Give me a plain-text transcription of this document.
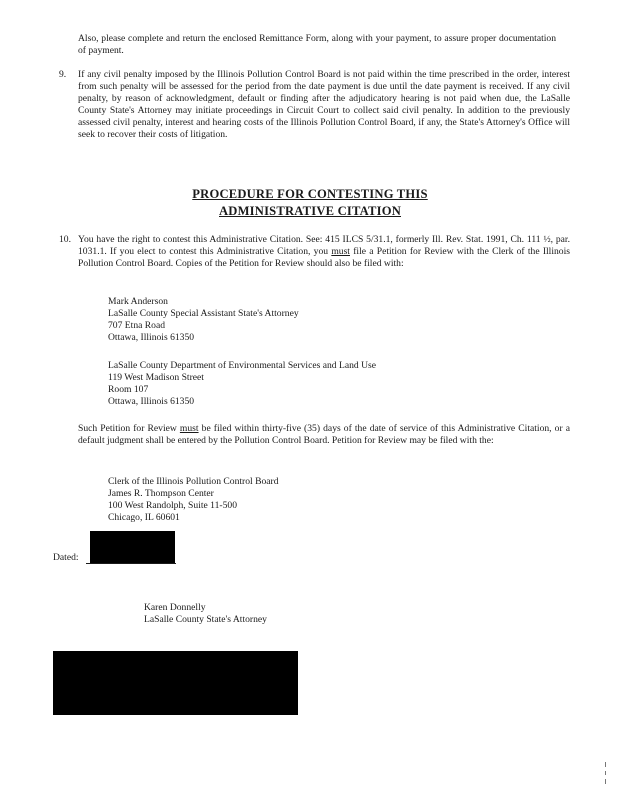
Also, please complete and return the enclosed Remittance Form, along with your payment, to assure proper documentation of payment.

9. If any civil penalty imposed by the Illinois Pollution Control Board is not paid within the time prescribed in the order, interest from such penalty will be assessed for the period from the date payment is due until the date payment is received. If any civil penalty, by reason of acknowledgment, default or finding after the adjudicatory hearing is not paid when due, the LaSalle County State's Attorney may initiate proceedings in Circuit Court to collect said civil penalty. In addition to the previously assessed civil penalty, interest and hearing costs of the Illinois Pollution Control Board, if any, the State's Attorney's Office will seek to recover their costs of litigation.

PROCEDURE FOR CONTESTING THIS
ADMINISTRATIVE CITATION
10. You have the right to contest this Administrative Citation. See: 415 ILCS 5/31.1, formerly Ill. Rev. Stat. 1991, Ch. 111 ½, par. 1031.1. If you elect to contest this Administrative Citation, you must file a Petition for Review with the Clerk of the Illinois Pollution Control Board. Copies of the Petition for Review should also be filed with:

Mark Anderson
LaSalle County Special Assistant State's Attorney
707 Etna Road
Ottawa, Illinois 61350
LaSalle County Department of Environmental Services and Land Use
119 West Madison Street
Room 107
Ottawa, Illinois 61350

Such Petition for Review must be filed within thirty-five (35) days of the date of service of this Administrative Citation, or a default judgment shall be entered by the Pollution Control Board. Petition for Review may be filed with the:

Clerk of the Illinois Pollution Control Board
James R. Thompson Center
100 West Randolph, Suite 11-500
Chicago, IL 60601
Dated:
Karen Donnelly
LaSalle County State's Attorney
